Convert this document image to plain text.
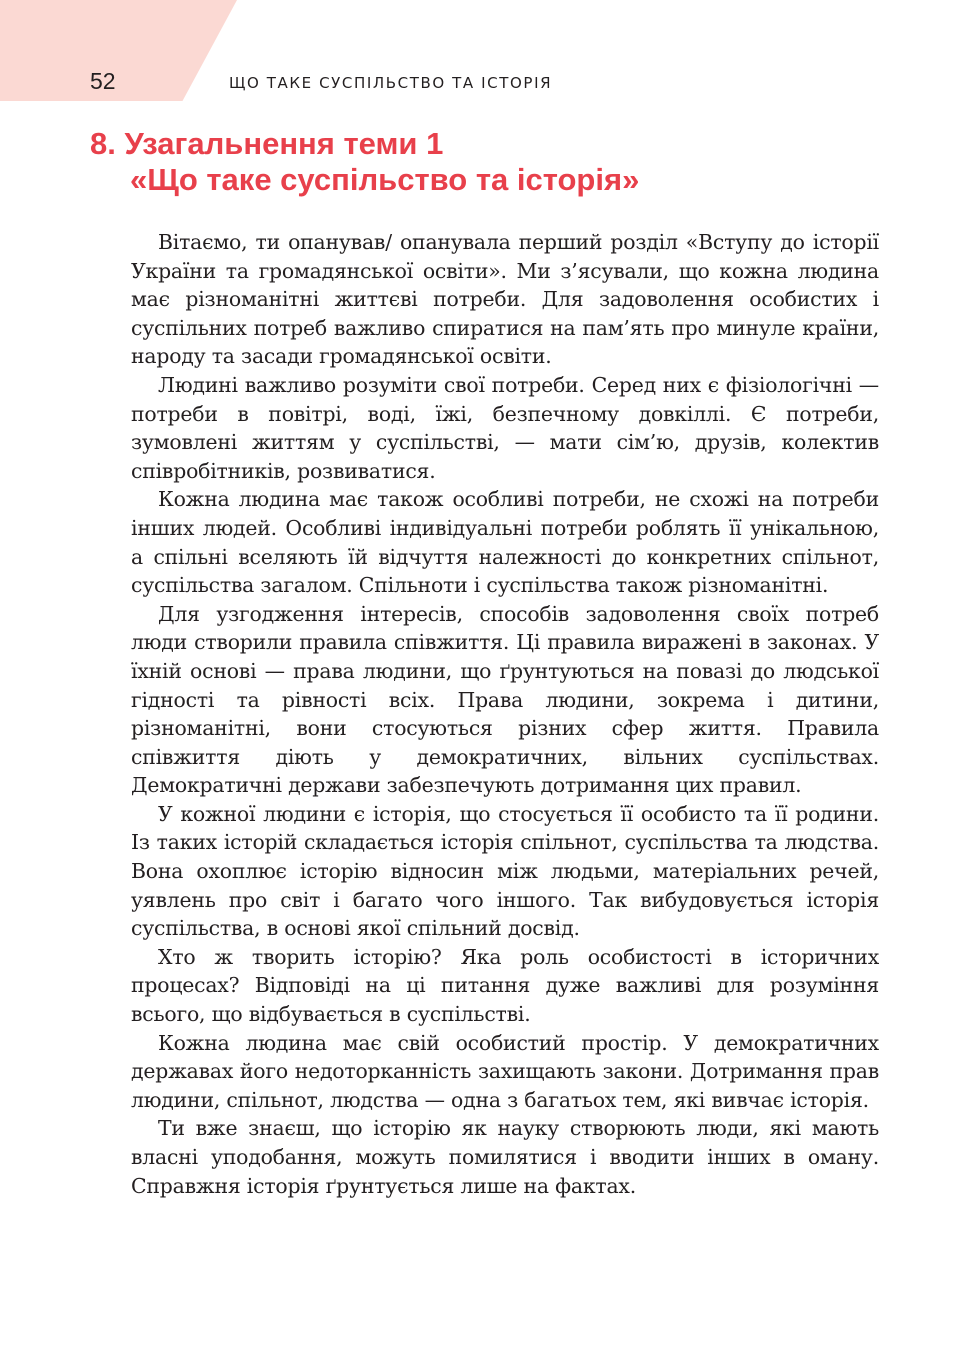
52	ЩО ТАКЕ СУСПІЛЬСТВО ТА ІСТОРІЯ
8. Узагальнення теми 1
«Що таке суспільство та історія»

Вітаємо, ти опанував/ опанувала перший розділ «Вступу до історії України та громадянської освіти». Ми з’ясували, що кожна людина має різноманітні життєві потреби. Для задоволення особистих і суспільних потреб важливо спиратися на пам’ять про минуле країни, народу та засади громадянської освіти.

Людині важливо розуміти свої потреби. Серед них є фізіологічні — потреби в повітрі, воді, їжі, безпечному довкіллі. Є потреби, зумовлені життям у суспільстві, — мати сім’ю, друзів, колектив співробітників, розвиватися.

Кожна людина має також особливі потреби, не схожі на потреби інших людей. Особливі індивідуальні потреби роблять її унікальною, а спільні вселяють їй відчуття належності до конкретних спільнот, суспільства загалом. Спільноти і суспільства також різноманітні.

Для узгодження інтересів, способів задоволення своїх потреб люди створили правила співжиття. Ці правила виражені в законах. У їхній основі — права людини, що ґрунтуються на повазі до людської гідності та рівності всіх. Права людини, зокрема і дитини, різноманітні, вони стосуються різних сфер життя. Правила співжиття діють у демократичних, вільних суспільствах. Демократичні держави забезпечують дотримання цих правил.

У кожної людини є історія, що стосується її особисто та її родини. Із таких історій складається історія спільнот, суспільства та людства. Вона охоплює історію відносин між людьми, матеріальних речей, уявлень про світ і багато чого іншого. Так вибудовується історія суспільства, в основі якої спільний досвід.

Хто ж творить історію? Яка роль особистості в історичних процесах? Відповіді на ці питання дуже важливі для розуміння всього, що відбувається в суспільстві.

Кожна людина має свій особистий простір. У демократичних державах його недоторканність захищають закони. Дотримання прав людини, спільнот, людства — одна з багатьох тем, які вивчає історія.

Ти вже знаєш, що історію як науку створюють люди, які мають власні уподобання, можуть помилятися і вводити інших в оману. Справжня історія ґрунтується лише на фактах.
